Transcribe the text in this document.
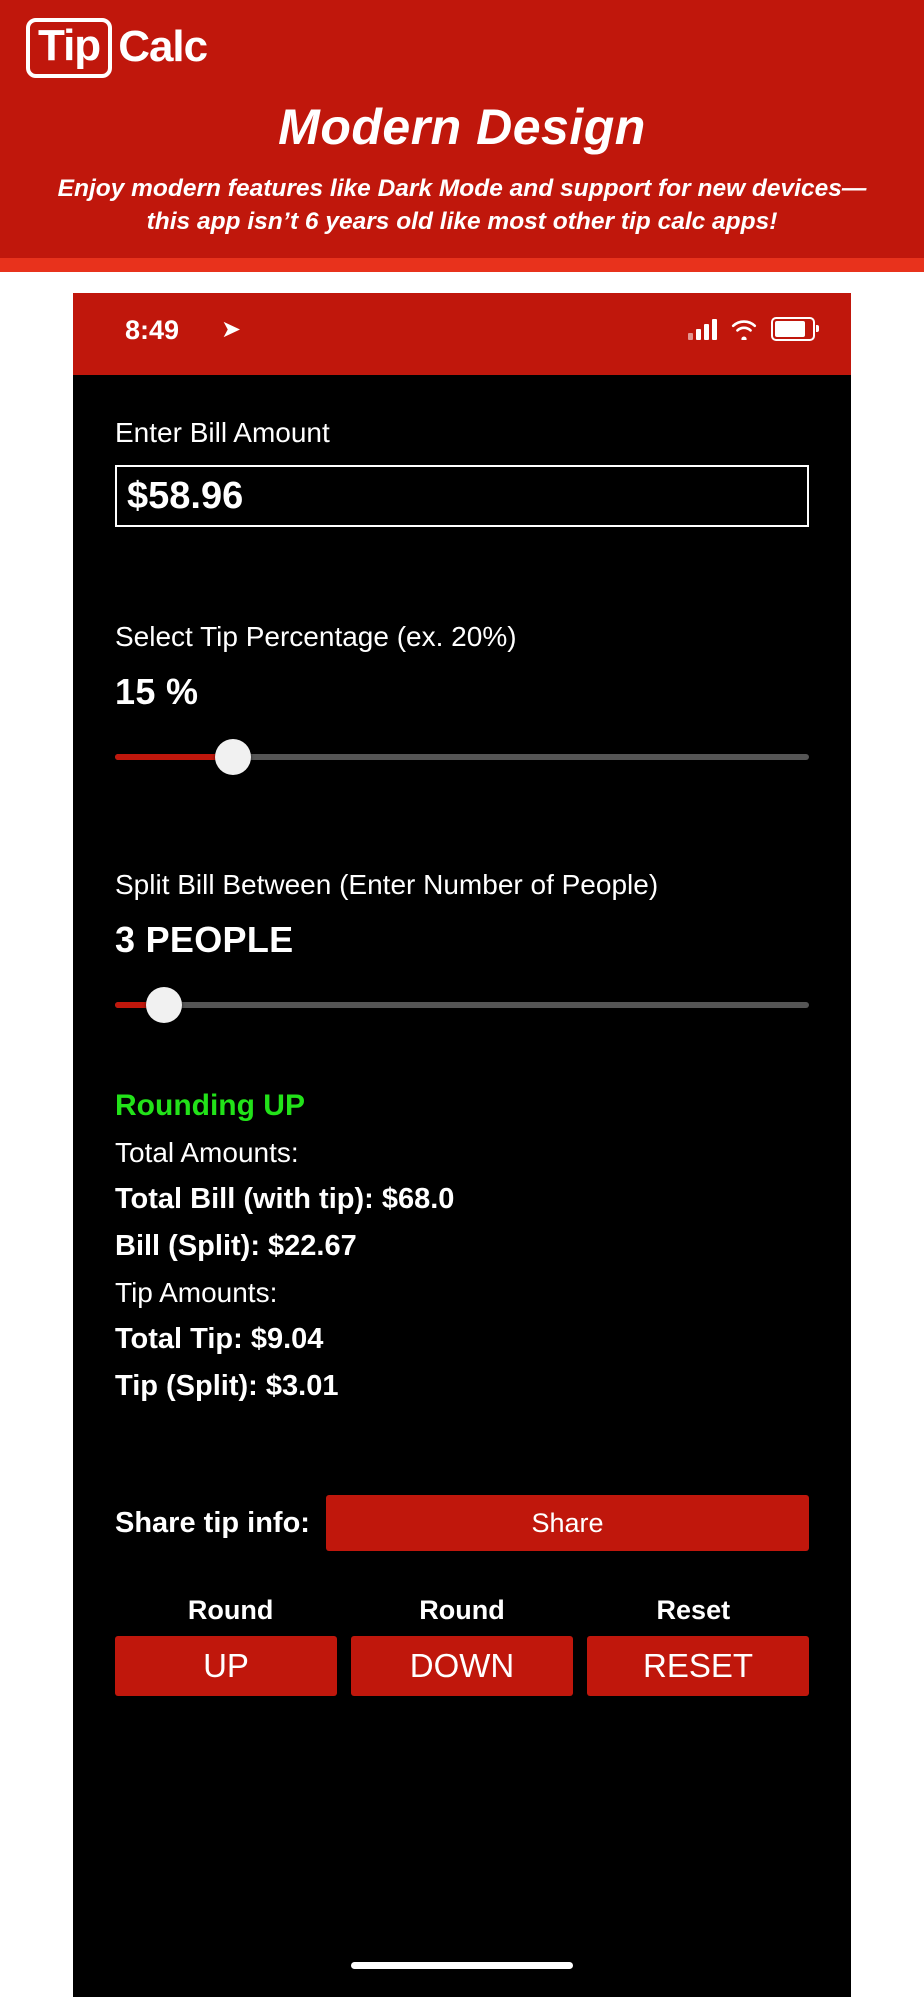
Tip Calc
Modern Design
Enjoy modern features like Dark Mode and support for new devices—this app isn’t 6 years old like most other tip calc apps!
8:49 ➤
Enter Bill Amount
$58.96
Select Tip Percentage (ex. 20%)
15 %
Split Bill Between (Enter Number of People)
3 PEOPLE
Rounding UP
Total Amounts:
Total Bill (with tip): $68.0
Bill (Split): $22.67
Tip Amounts:
Total Tip: $9.04
Tip (Split): $3.01
Share tip info:	Share
Round	Round	Reset
UP	DOWN	RESET
